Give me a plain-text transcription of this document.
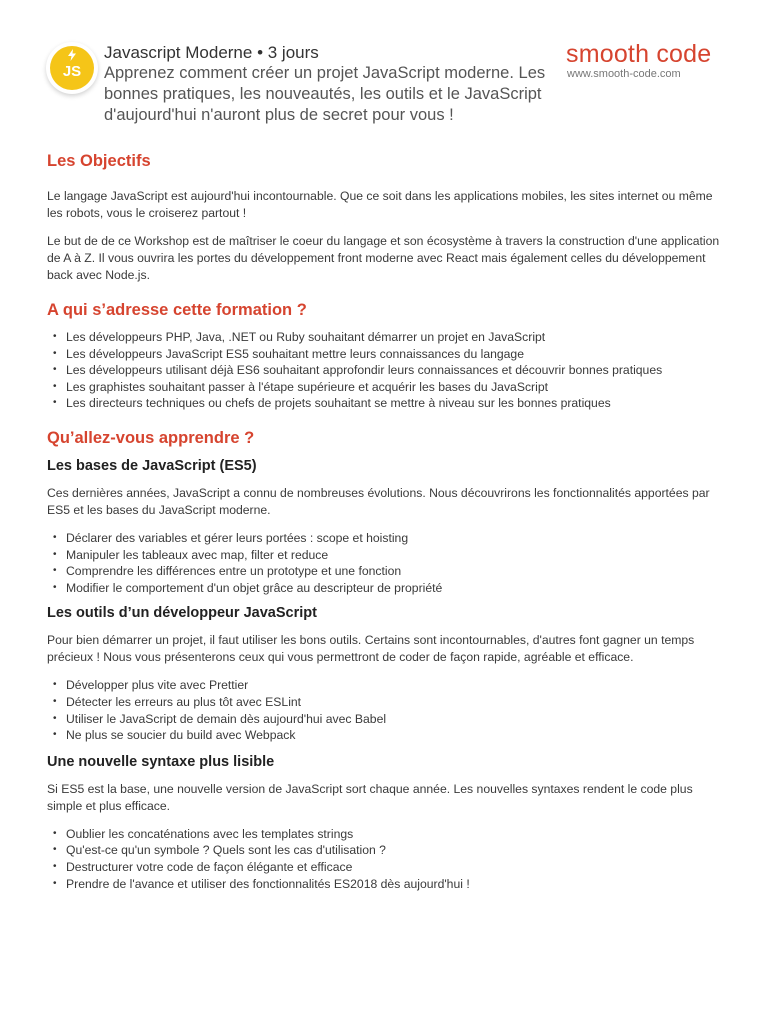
JS
Javascript Moderne • 3 jours
Apprenez comment créer un projet JavaScript moderne. Les bonnes pratiques, les nouveautés, les outils et le JavaScript d'aujourd'hui n'auront plus de secret pour vous !
smooth code
www.smooth-code.com
Les Objectifs

Le langage JavaScript est aujourd'hui incontournable. Que ce soit dans les applications mobiles, les sites internet ou même les robots, vous le croiserez partout !

Le but de de ce Workshop est de maîtriser le coeur du langage et son écosystème à travers la construction d'une application de A à Z. Il vous ouvrira les portes du développement front moderne avec React mais également celles du développement back avec Node.js.

A qui s’adresse cette formation ?
• Les développeurs PHP, Java, .NET ou Ruby souhaitant démarrer un projet en JavaScript
• Les développeurs JavaScript ES5 souhaitant mettre leurs connaissances du langage
• Les développeurs utilisant déjà ES6 souhaitant approfondir leurs connaissances et découvrir bonnes pratiques
• Les graphistes souhaitant passer à l'étape supérieure et acquérir les bases du JavaScript
• Les directeurs techniques ou chefs de projets souhaitant se mettre à niveau sur les bonnes pratiques
Qu’allez-vous apprendre ?
Les bases de JavaScript (ES5)

Ces dernières années, JavaScript a connu de nombreuses évolutions. Nous découvrirons les fonctionnalités apportées par ES5 et les bases du JavaScript moderne.

• Déclarer des variables et gérer leurs portées : scope et hoisting
• Manipuler les tableaux avec map, filter et reduce
• Comprendre les différences entre un prototype et une fonction
• Modifier le comportement d'un objet grâce au descripteur de propriété
Les outils d’un développeur JavaScript

Pour bien démarrer un projet, il faut utiliser les bons outils. Certains sont incontournables, d'autres font gagner un temps précieux ! Nous vous présenterons ceux qui vous permettront de coder de façon rapide, agréable et efficace.

• Développer plus vite avec Prettier
• Détecter les erreurs au plus tôt avec ESLint
• Utiliser le JavaScript de demain dès aujourd'hui avec Babel
• Ne plus se soucier du build avec Webpack
Une nouvelle syntaxe plus lisible

Si ES5 est la base, une nouvelle version de JavaScript sort chaque année. Les nouvelles syntaxes rendent le code plus simple et plus efficace.

• Oublier les concaténations avec les templates strings
• Qu'est-ce qu'un symbole ? Quels sont les cas d'utilisation ?
• Destructurer votre code de façon élégante et efficace
• Prendre de l'avance et utiliser des fonctionnalités ES2018 dès aujourd'hui !
